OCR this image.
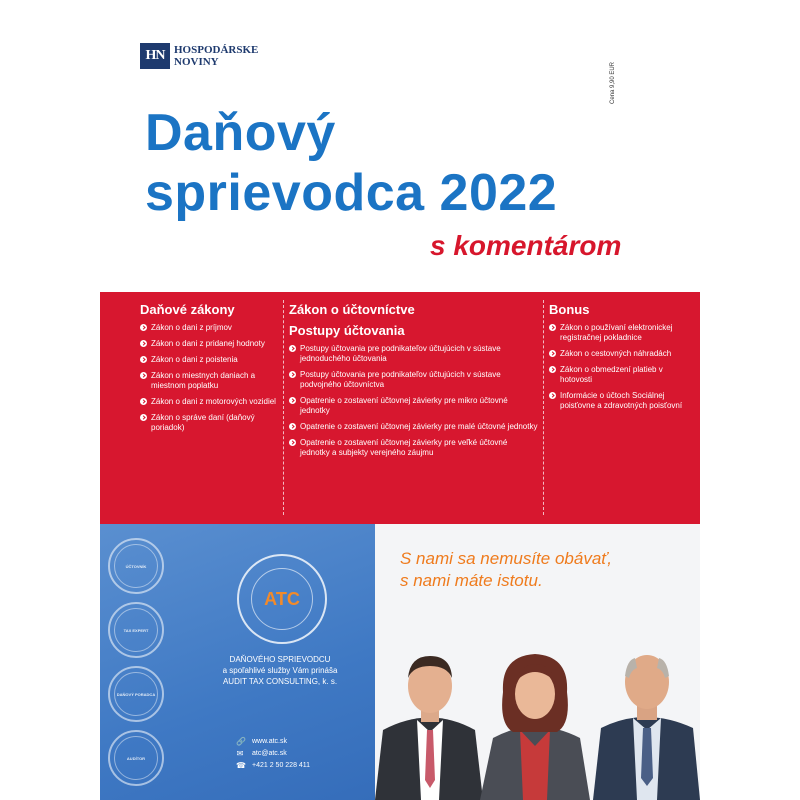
HN HOSPODÁRSKE
NOVINY	Cena 9,90 EUR
Daňový
sprievodca 2022
s komentárom
Daňové zákony
Zákon o dani z príjmov
Zákon o dani z pridanej hodnoty
Zákon o dani z poistenia
Zákon o miestnych daniach a miestnom poplatku
Zákon o dani z motorových vozidiel
Zákon o správe daní (daňový poriadok)
Zákon o účtovníctve
Postupy účtovania
Postupy účtovania pre podnikateľov účtujúcich v sústave jednoduchého účtovania
Postupy účtovania pre podnikateľov účtujúcich v sústave podvojného účtovníctva
Opatrenie o zostavení účtovnej závierky pre mikro účtovné jednotky
Opatrenie o zostavení účtovnej závierky pre malé účtovné jednotky
Opatrenie o zostavení účtovnej závierky pre veľké účtovné jednotky a subjekty verejného záujmu
Bonus
Zákon o používaní elektronickej registračnej pokladnice
Zákon o cestovných náhradách
Zákon o obmedzení platieb v hotovosti
Informácie o účtoch Sociálnej poisťovne a zdravotných poisťovní
ÚČTOVNÍK
TAX EXPERT
DAŇOVÝ PORADCA
AUDÍTOR
ATC
DAŇOVÉHO SPRIEVODCU
a spoľahlivé služby Vám prináša
AUDIT TAX CONSULTING, k. s.
🔗 www.atc.sk
✉ atc@atc.sk
☎ +421 2 50 228 411
S nami sa nemusíte obávať,
s nami máte istotu.
